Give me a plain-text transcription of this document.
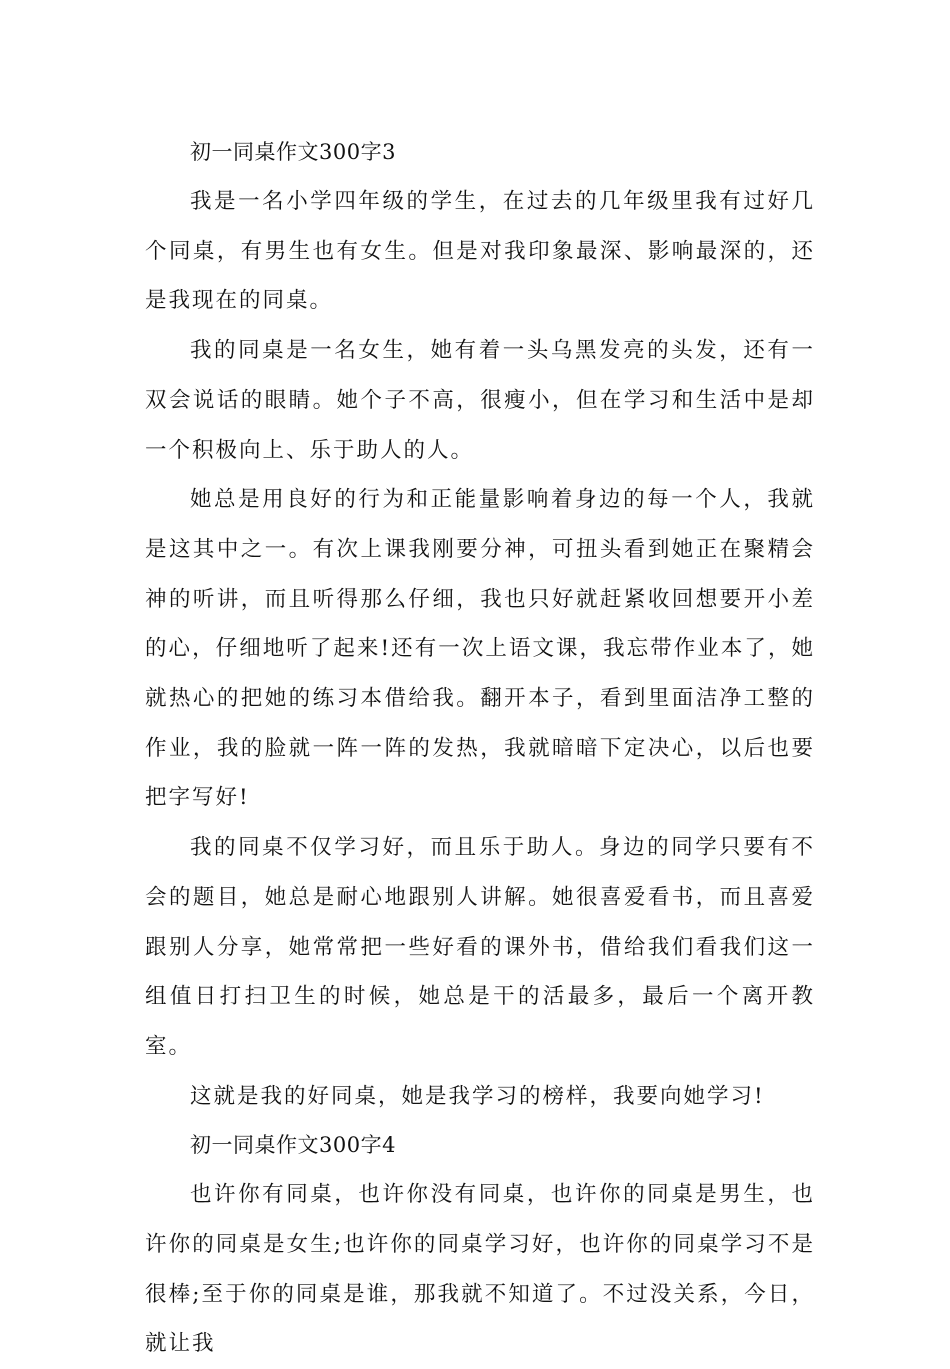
初一同桌作文300字3

我是一名小学四年级的学生，在过去的几年级里我有过好几个同桌，有男生也有女生。但是对我印象最深、影响最深的，还是我现在的同桌。

我的同桌是一名女生，她有着一头乌黑发亮的头发，还有一双会说话的眼睛。她个子不高，很瘦小，但在学习和生活中是却一个积极向上、乐于助人的人。

她总是用良好的行为和正能量影响着身边的每一个人，我就是这其中之一。有次上课我刚要分神，可扭头看到她正在聚精会神的听讲，而且听得那么仔细，我也只好就赶紧收回想要开小差的心，仔细地听了起来!还有一次上语文课，我忘带作业本了，她就热心的把她的练习本借给我。翻开本子，看到里面洁净工整的作业，我的脸就一阵一阵的发热，我就暗暗下定决心，以后也要把字写好!

我的同桌不仅学习好，而且乐于助人。身边的同学只要有不会的题目，她总是耐心地跟别人讲解。她很喜爱看书，而且喜爱跟别人分享，她常常把一些好看的课外书，借给我们看我们这一组值日打扫卫生的时候，她总是干的活最多，最后一个离开教室。

这就是我的好同桌，她是我学习的榜样，我要向她学习!

初一同桌作文300字4

也许你有同桌，也许你没有同桌，也许你的同桌是男生，也许你的同桌是女生;也许你的同桌学习好，也许你的同桌学习不是很棒;至于你的同桌是谁，那我就不知道了。不过没关系，今日，就让我
